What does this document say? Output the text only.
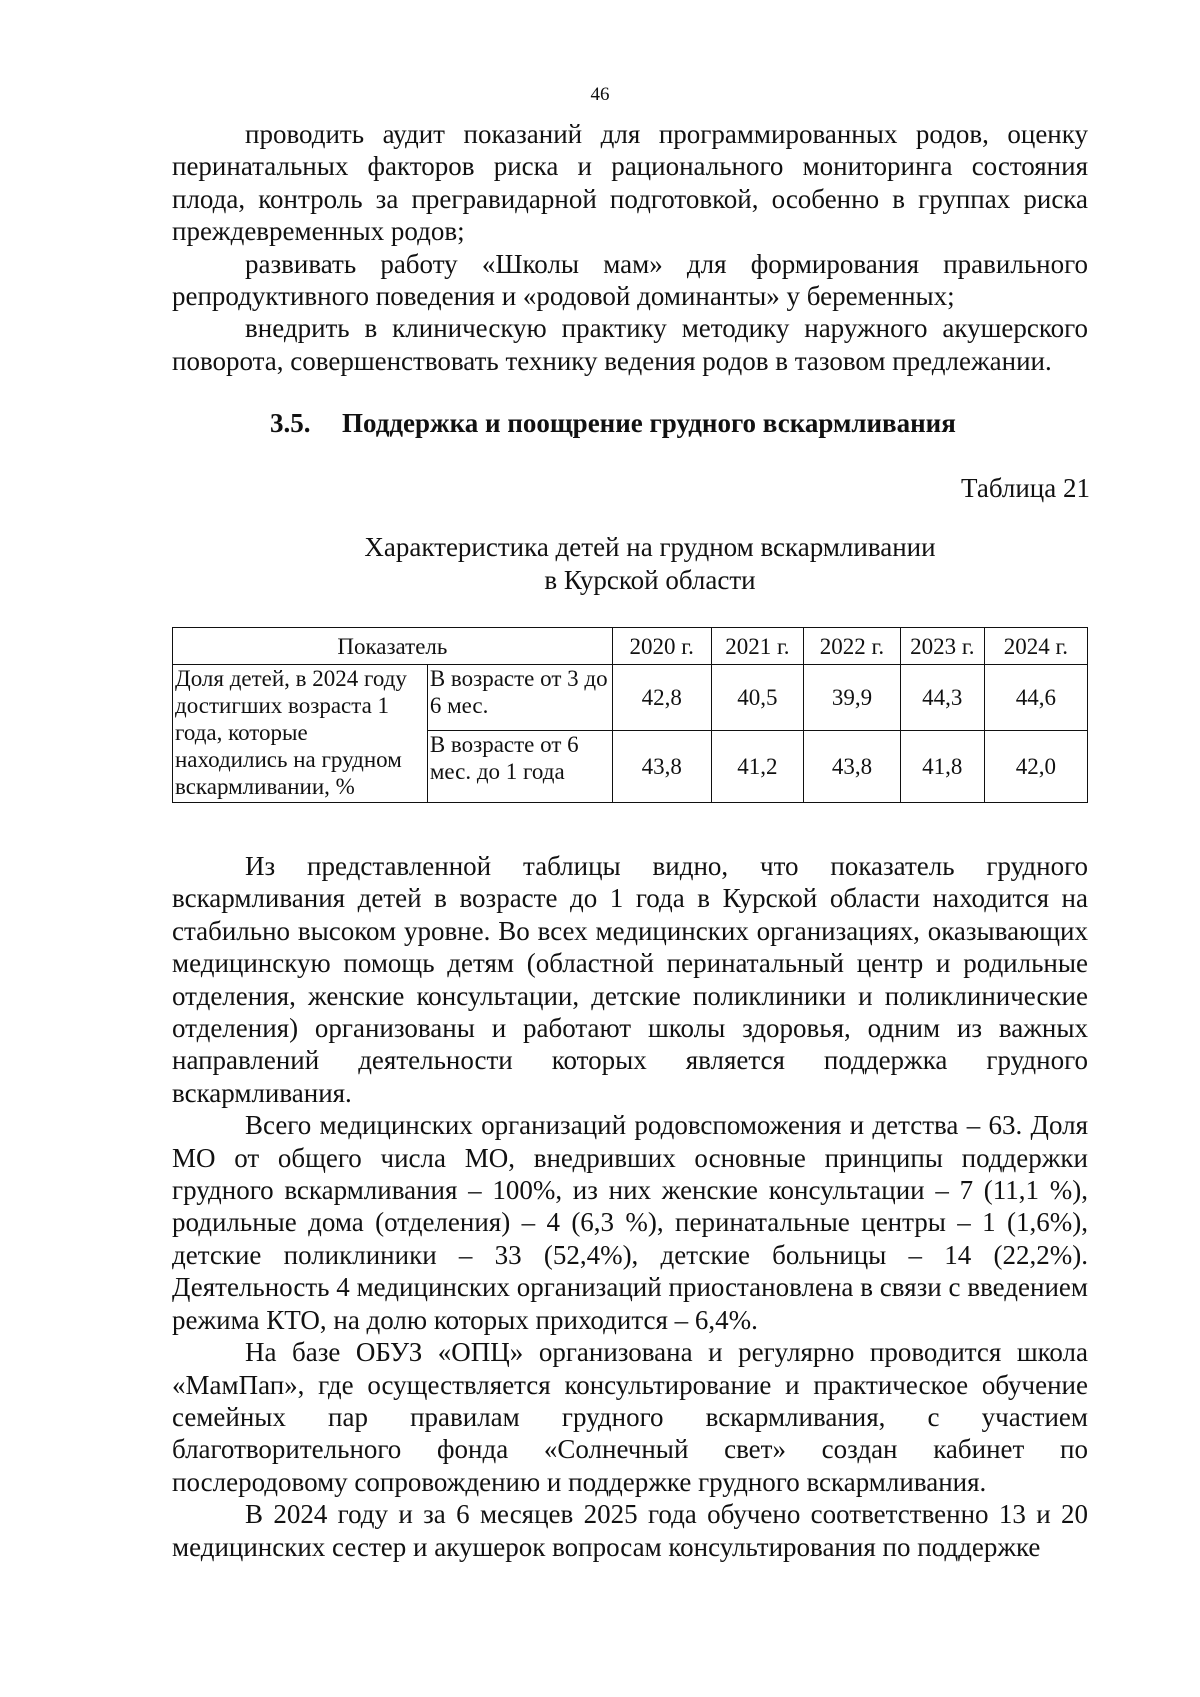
46

проводить аудит показаний для программированных родов, оценку перинатальных факторов риска и рационального мониторинга состояния плода, контроль за прегравидарной подготовкой, особенно в группах риска преждевременных родов;

развивать работу «Школы мам» для формирования правильного репродуктивного поведения и «родовой доминанты» у беременных;

внедрить в клиническую практику методику наружного акушерского поворота, совершенствовать технику ведения родов в тазовом предлежании.

3.5. Поддержка и поощрение грудного вскармливания
Таблица 21
Характеристика детей на грудном вскармливании
в Курской области
Показатель		2020 г.	2021 г.	2022 г.	2023 г.	2024 г.
Доля детей, в 2024 году достигших возраста 1 года, которые находились на грудном вскармливании, %	В возрасте от 3 до 6 мес.	42,8	40,5	39,9	44,3	44,6
	В возрасте от 6 мес. до 1 года	43,8	41,2	43,8	41,8	42,0

Из представленной таблицы видно, что показатель грудного вскармливания детей в возрасте до 1 года в Курской области находится на стабильно высоком уровне. Во всех медицинских организациях, оказывающих медицинскую помощь детям (областной перинатальный центр и родильные отделения, женские консультации, детские поликлиники и поликлинические отделения) организованы и работают школы здоровья, одним из важных направлений деятельности которых является поддержка грудного вскармливания.

Всего медицинских организаций родовспоможения и детства – 63. Доля МО от общего числа МО, внедривших основные принципы поддержки грудного вскармливания – 100%, из них женские консультации – 7 (11,1 %), родильные дома (отделения) – 4 (6,3 %), перинатальные центры – 1 (1,6%), детские поликлиники – 33 (52,4%), детские больницы – 14 (22,2%). Деятельность 4 медицинских организаций приостановлена в связи с введением режима КТО, на долю которых приходится – 6,4%.

На базе ОБУЗ «ОПЦ» организована и регулярно проводится школа «МамПап», где осуществляется консультирование и практическое обучение семейных пар правилам грудного вскармливания, с участием благотворительного фонда «Солнечный свет» создан кабинет по послеродовому сопровождению и поддержке грудного вскармливания.

В 2024 году и за 6 месяцев 2025 года обучено соответственно 13 и 20 медицинских сестер и акушерок вопросам консультирования по поддержке
